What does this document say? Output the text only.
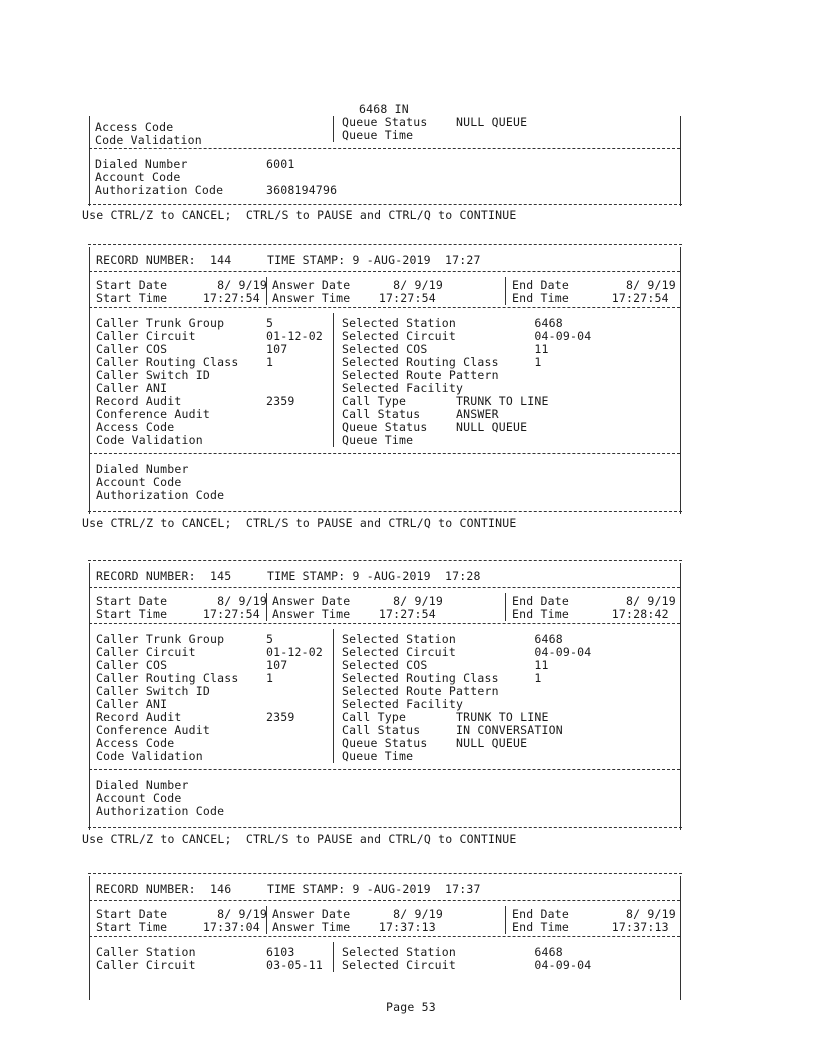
6468 IN
Access Code
Code Validation
Queue Status    NULL QUEUE
Queue Time
Dialed Number
Account Code
Authorization Code
6001
3608194796
Use CTRL/Z to CANCEL;  CTRL/S to PAUSE and CTRL/Q to CONTINUE
RECORD NUMBER:  144     TIME STAMP: 9 -AUG-2019  17:27
Start Date       8/ 9/19
Start Time     17:27:54
Answer Date      8/ 9/19
Answer Time    17:27:54
End Date        8/ 9/19
End Time      17:27:54
Caller Trunk Group
Caller Circuit
Caller COS
Caller Routing Class
Caller Switch ID
Caller ANI
Record Audit
Conference Audit
Access Code
Code Validation
5
01-12-02
107
1
2359
Selected Station           6468
Selected Circuit           04-09-04
Selected COS               11
Selected Routing Class     1
Selected Route Pattern
Selected Facility
Call Type       TRUNK TO LINE
Call Status     ANSWER
Queue Status    NULL QUEUE
Queue Time
Dialed Number
Account Code
Authorization Code
Use CTRL/Z to CANCEL;  CTRL/S to PAUSE and CTRL/Q to CONTINUE
RECORD NUMBER:  145     TIME STAMP: 9 -AUG-2019  17:28
Start Date       8/ 9/19
Start Time     17:27:54
Answer Date      8/ 9/19
Answer Time    17:27:54
End Date        8/ 9/19
End Time      17:28:42
Caller Trunk Group
Caller Circuit
Caller COS
Caller Routing Class
Caller Switch ID
Caller ANI
Record Audit
Conference Audit
Access Code
Code Validation
5
01-12-02
107
1
2359
Selected Station           6468
Selected Circuit           04-09-04
Selected COS               11
Selected Routing Class     1
Selected Route Pattern
Selected Facility
Call Type       TRUNK TO LINE
Call Status     IN CONVERSATION
Queue Status    NULL QUEUE
Queue Time
Dialed Number
Account Code
Authorization Code
Use CTRL/Z to CANCEL;  CTRL/S to PAUSE and CTRL/Q to CONTINUE
RECORD NUMBER:  146     TIME STAMP: 9 -AUG-2019  17:37
Start Date       8/ 9/19
Start Time     17:37:04
Answer Date      8/ 9/19
Answer Time    17:37:13
End Date        8/ 9/19
End Time      17:37:13
Caller Station
Caller Circuit
6103
03-05-11
Selected Station           6468
Selected Circuit           04-09-04
Page 53
